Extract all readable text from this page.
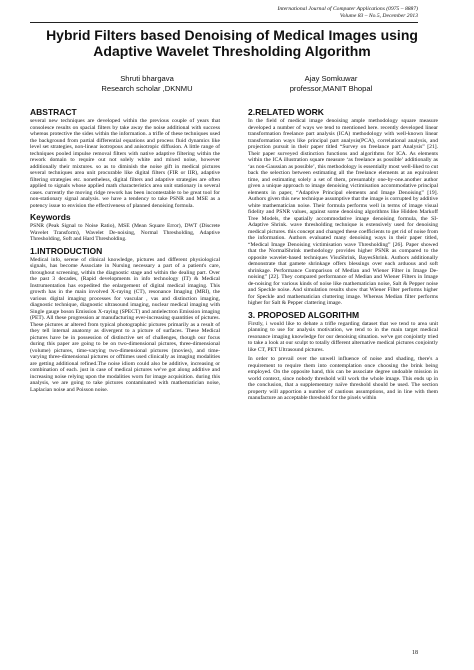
International Journal of Computer Applications (0975 – 8887)
Volume 83 – No.5, December 2013
Hybrid Filters based Denoising of Medical Images using Adaptive Wavelet Thresholding Algorithm
Shruti bhargava
Research scholar ,DKNMU
Ajay Somkuwar
professor,MANIT Bhopal
ABSTRACT

several new techniques are developed within the previous couple of years that consolesce results on spacial filters by take away the noise additional with success whereas protective the sides within the information. a trifle of these techniques used the background from partial differential equations and process fluid dynamics like level set strategies, non-linear isotropous and anisotropic diffusion. A little range of techniques pooled impulse removal filters with native adaptive filtering within the rework domain to require out not solely white and mixed noise, however additionally their mixtures. so as to diminish the noise gift in medical pictures several techniques area unit procurable like digital filters (FIR or IIR), adaptive filtering strategies etc. nonetheless, digital filters and adaptive strategies are often applied to signals whose applied math characteristics area unit stationary in several cases. currently the moving ridge rework has been incontestable to be great tool for non-stationary signal analysis. we have a tendency to take PSNR and MSE as a potency issue to envision the effectiveness of planned denoising formula.

Keywords

PSNR (Peak Signal to Noise Ratio), MSE (Mean Square Error), DWT (Discrete Wavelet Transform), Wavelet De-noising, Normal Thresholding, Adaptive Thresholding, Soft and Hard Thresholding.

1.INTRODUCTION

Medical info, serene of clinical knowledge, pictures and different physiological signals, has become Associate in Nursing necessary a part of a patient's care, throughout screening, within the diagnostic stage and within the dealing part. Over the past 3 decades, (Rapid developments in info technology (IT) & Medical Instrumentation has expedited the enlargement of digital medical imaging. This growth has in the main involved X-raying (CT), resonance Imaging (MRI), the various digital imaging processes for vascular , vas and distinction imaging, diagnostic technique, diagnostic ultrasound imaging, nuclear medical imaging with Single gauge boson Emission X-raying (SPECT) and antielectron Emission imaging (PET). All these progression ar manufacturing ever-increasing quantities of pictures. These pictures ar altered from typical photographic pictures primarily as a result of they tell internal anatomy as divergent to a picture of surfaces. These Medical pictures have be in possession of distinctive set of challenges, though our focus during this paper are going to be on two-dimensional pictures, three-dimensional (volume) pictures, time-varying two-dimensional pictures (movies), and time-varying three-dimensional pictures or offtimes used clinically as imaging modalities are getting additional refined.The noise idiom could also be additive, increasing or combination of each. just in case of medical pictures we've got along additive and increasing noise relying upon the modalities worn for image acquisition. during this analysis, we are going to take pictures contaminated with mathematician noise, Laplacian noise and Poisson noise.

2.RELATED WORK

In the field of medical image denoising ample methodology square measure developed a number of ways we tend to mentioned here. recently developed linear transformation freelance part analysis (ICA) methodology with well-known linear transformation ways like principal part analysis(PCA), correlational analysis, and projection pursuit in their paper titled “Survey on freelance part Analysis” [21]. Their paper surveyed distinction functions and algorithms for ICA. As elements within the ICA illustration square measure ‘as freelance as possible’ additionally as ‘as non-Gaussian as possible’, this methodology is essentially most well-liked to cut back the selection between estimating all the freelance elements at an equivalent time, and estimating solely a set of them, presumably one-by-one.another author given a unique approach to image denoising victimisation accommodative principal elements in paper, “Adaptive Principal elements and Image Denoising” [19]. Authors given this new technique assumptive that the image is corrupted by additive white mathematician noise. Their formula performs well in terms of image visual fidelity and PSNR values, against some denoising algorithms like Hidden Markoff Tree Models, the spatially accommodative image denoising formula, the SI-Adaptive Shrink. wave thresholding technique is extensively used for denoising medical pictures. this concept and changed these coefficients to get rid of noise from the information. Authors evaluated many denoising ways in their paper titled, “Medical Image Denoising victimisation wave Thresholding” [26]. Paper showed that the NormalShrink methodology provides higher PSNR as compared to the opposite wavelet-based techniques VisuShrink, BayesShrink. Authors additionally demonstrate that gamete shrinkage offers blessings over each arduous and soft shrinkage. Performance Comparison of Median and Wiener Filter in Image De-noising” [22]. They compared performance of Median and Wiener Filters in Image de-noising for various kinds of noise like mathematician noise, Salt & Pepper noise and Speckle noise. And simulation results show that Wiener Filter performs higher for Speckle and mathematician cluttering image. Whereas Median filter performs higher for Salt & Pepper clattering image.

3. PROPOSED ALGORITHM

Firstly, i would like to debate a trifle regarding dataset that we tend to area unit planning to use for analysis motivation, we tend to in the main target medical resonance imaging knowledge for our denoising situation. we've got conjointly tried to take a look at our sculpt to totally different alternative medical pictures conjointly like CT, PET Ultrasound pictures.

In order to prevail over the unwell influence of noise and shading, there's a requirement to require them into contemplation once choosing the brink being employed. On the opposite hand, this can be associate degree undoable mission in world context, since nobody threshold will work the whole image. This ends up in the conclusion, that a supplementary naïve threshold should be used. The section property will apportion a number of cautious assumptions, and in line with them manufacture an acceptable threshold for the pixels within

18
